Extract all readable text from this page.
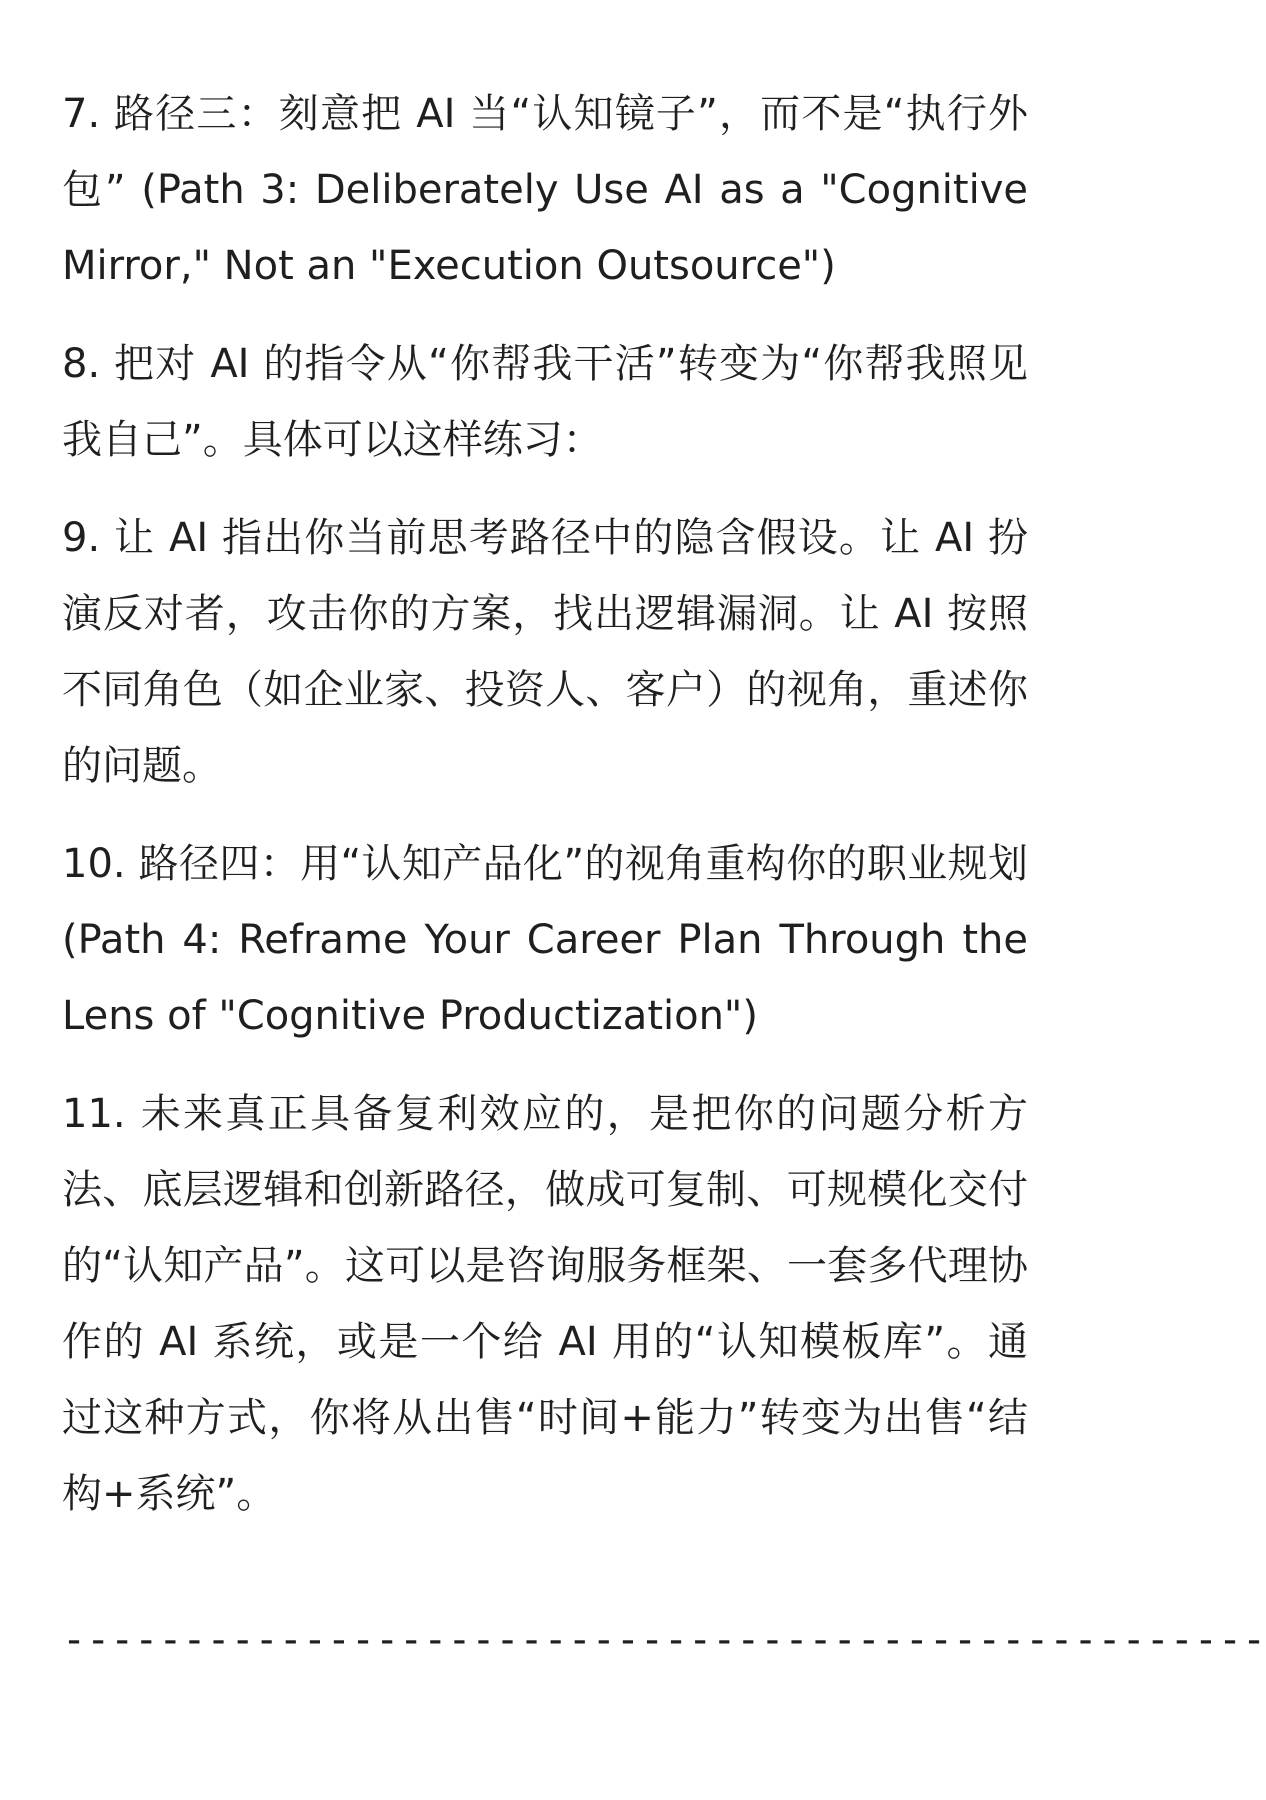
7. 路径三：刻意把 AI 当“认知镜子”，而不是“执行外包” (Path 3: Deliberately Use AI as a "Cognitive Mirror," Not an "Execution Outsource")

8. 把对 AI 的指令从“你帮我干活”转变为“你帮我照见我自己”。具体可以这样练习：

9. 让 AI 指出你当前思考路径中的隐含假设。让 AI 扮演反对者，攻击你的方案，找出逻辑漏洞。让 AI 按照不同角色（如企业家、投资人、客户）的视角，重述你的问题。

10. 路径四：用“认知产品化”的视角重构你的职业规划 (Path 4: Reframe Your Career Plan Through the Lens of "Cognitive Productization")

11. 未来真正具备复利效应的，是把你的问题分析方法、底层逻辑和创新路径，做成可复制、可规模化交付的“认知产品”。这可以是咨询服务框架、一套多代理协作的 AI 系统，或是一个给 AI 用的“认知模板库”。通过这种方式，你将从出售“时间+能力”转变为出售“结构+系统”。

--------------------------------------------------
